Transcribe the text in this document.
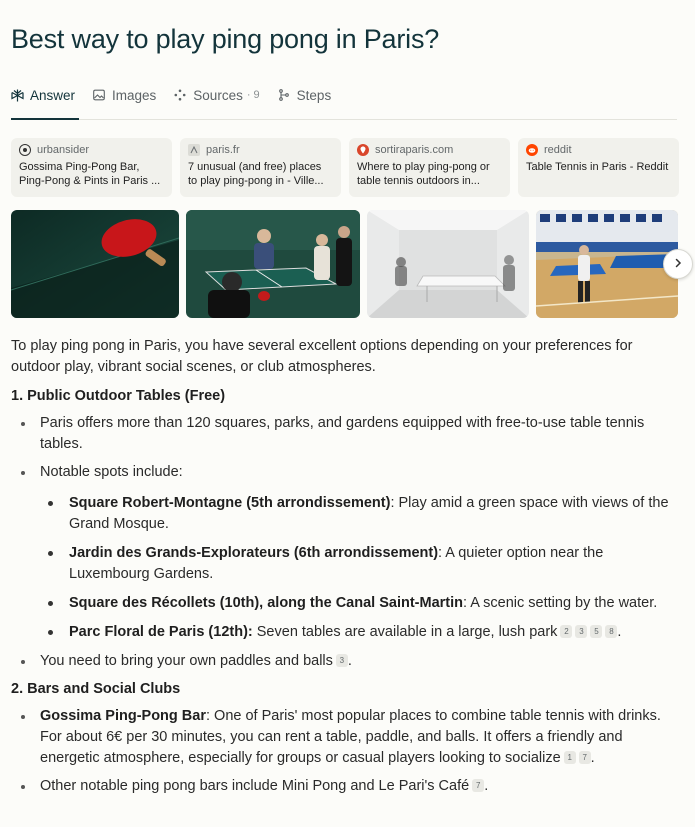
Best way to play ping pong in Paris?
Answer	Images	Sources · 9	Steps
urbansider
Gossima Ping-Pong Bar, Ping-Pong & Pints in Paris ...
paris.fr
7 unusual (and free) places to play ping-pong in - Ville...
sortiraparis.com
Where to play ping-pong or table tennis outdoors in...
reddit
Table Tennis in Paris - Reddit

To play ping pong in Paris, you have several excellent options depending on your preferences for outdoor play, vibrant social scenes, or club atmospheres.

1. Public Outdoor Tables (Free)

Paris offers more than 120 squares, parks, and gardens equipped with free-to-use table tennis tables.
Notable spots include:
Square Robert-Montagne (5th arrondissement): Play amid a green space with views of the Grand Mosque.
Jardin des Grands-Explorateurs (6th arrondissement): A quieter option near the Luxembourg Gardens.
Square des Récollets (10th), along the Canal Saint-Martin: A scenic setting by the water.
Parc Floral de Paris (12th): Seven tables are available in a large, lush park 2 3 5 8 .
You need to bring your own paddles and balls 3 .

2. Bars and Social Clubs

Gossima Ping-Pong Bar: One of Paris' most popular places to combine table tennis with drinks. For about 6€ per 30 minutes, you can rent a table, paddle, and balls. It offers a friendly and energetic atmosphere, especially for groups or casual players looking to socialize 1 7 .
Other notable ping pong bars include Mini Pong and Le Pari's Café 7 .
